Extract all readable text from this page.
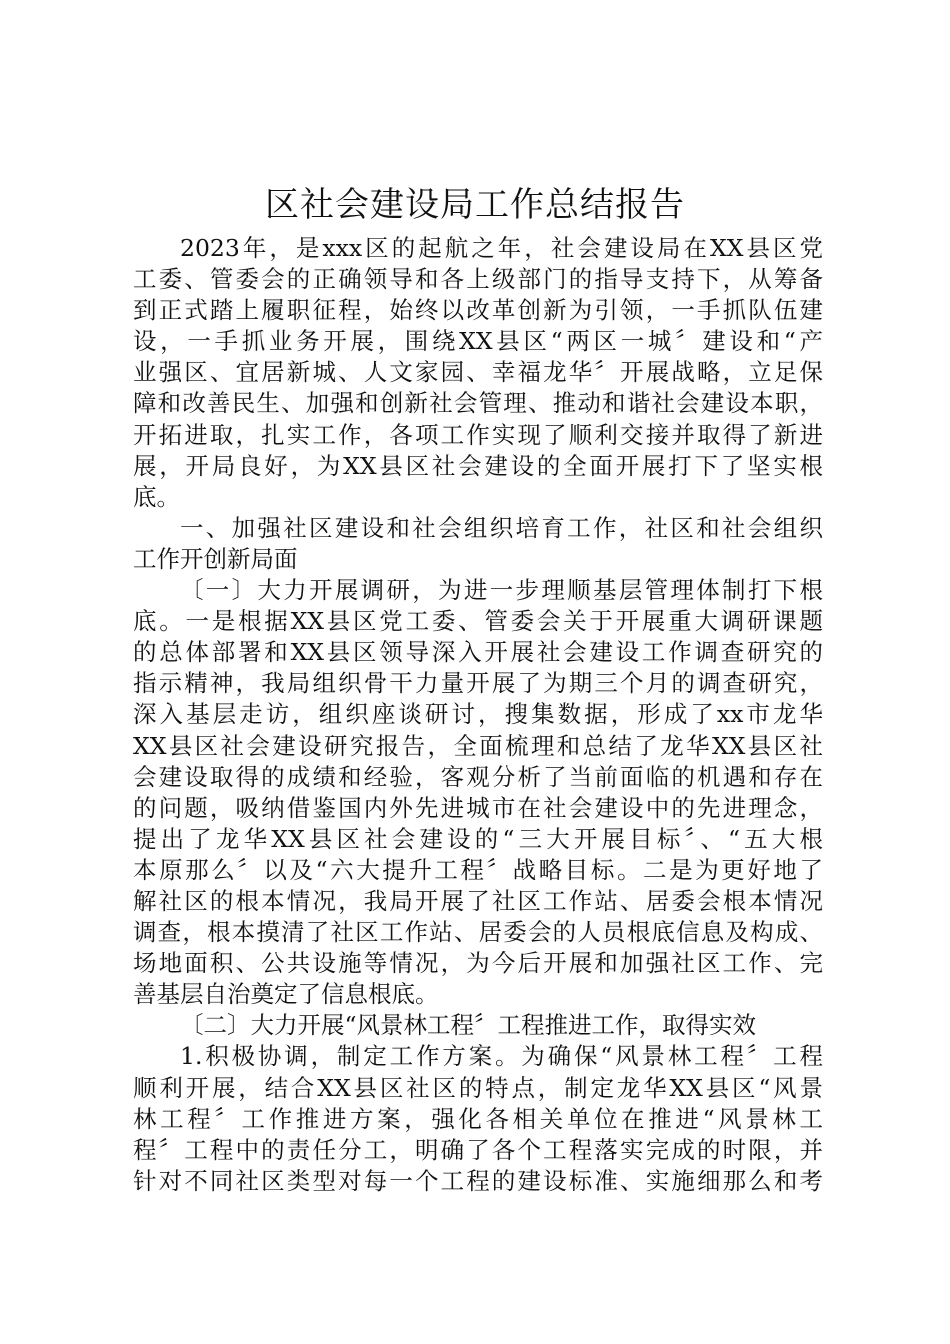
区社会建设局工作总结报告

2023年，是xxx区的起航之年，社会建设局在XX县区党
工委、管委会的正确领导和各上级部门的指导支持下，从筹备
到正式踏上履职征程，始终以改革创新为引领，一手抓队伍建
设，一手抓业务开展，围绕XX县区“两区一城〞建设和“产
业强区、宜居新城、人文家园、幸福龙华〞开展战略，立足保
障和改善民生、加强和创新社会管理、推动和谐社会建设本职，
开拓进取，扎实工作，各项工作实现了顺利交接并取得了新进
展，开局良好，为XX县区社会建设的全面开展打下了坚实根
底。

一、加强社区建设和社会组织培育工作，社区和社会组织
工作开创新局面

〔一〕大力开展调研，为进一步理顺基层管理体制打下根
底。一是根据XX县区党工委、管委会关于开展重大调研课题
的总体部署和XX县区领导深入开展社会建设工作调查研究的
指示精神，我局组织骨干力量开展了为期三个月的调查研究，
深入基层走访，组织座谈研讨，搜集数据，形成了xx市龙华
XX县区社会建设研究报告，全面梳理和总结了龙华XX县区社
会建设取得的成绩和经验，客观分析了当前面临的机遇和存在
的问题，吸纳借鉴国内外先进城市在社会建设中的先进理念，
提出了龙华XX县区社会建设的“三大开展目标〞、“五大根
本原那么〞以及“六大提升工程〞战略目标。二是为更好地了
解社区的根本情况，我局开展了社区工作站、居委会根本情况
调查，根本摸清了社区工作站、居委会的人员根底信息及构成、
场地面积、公共设施等情况，为今后开展和加强社区工作、完
善基层自治奠定了信息根底。

〔二〕大力开展“风景林工程〞工程推进工作，取得实效

1.积极协调，制定工作方案。为确保“风景林工程〞工程
顺利开展，结合XX县区社区的特点，制定龙华XX县区“风景
林工程〞工作推进方案，强化各相关单位在推进“风景林工
程〞工程中的责任分工，明确了各个工程落实完成的时限，并
针对不同社区类型对每一个工程的建设标准、实施细那么和考
